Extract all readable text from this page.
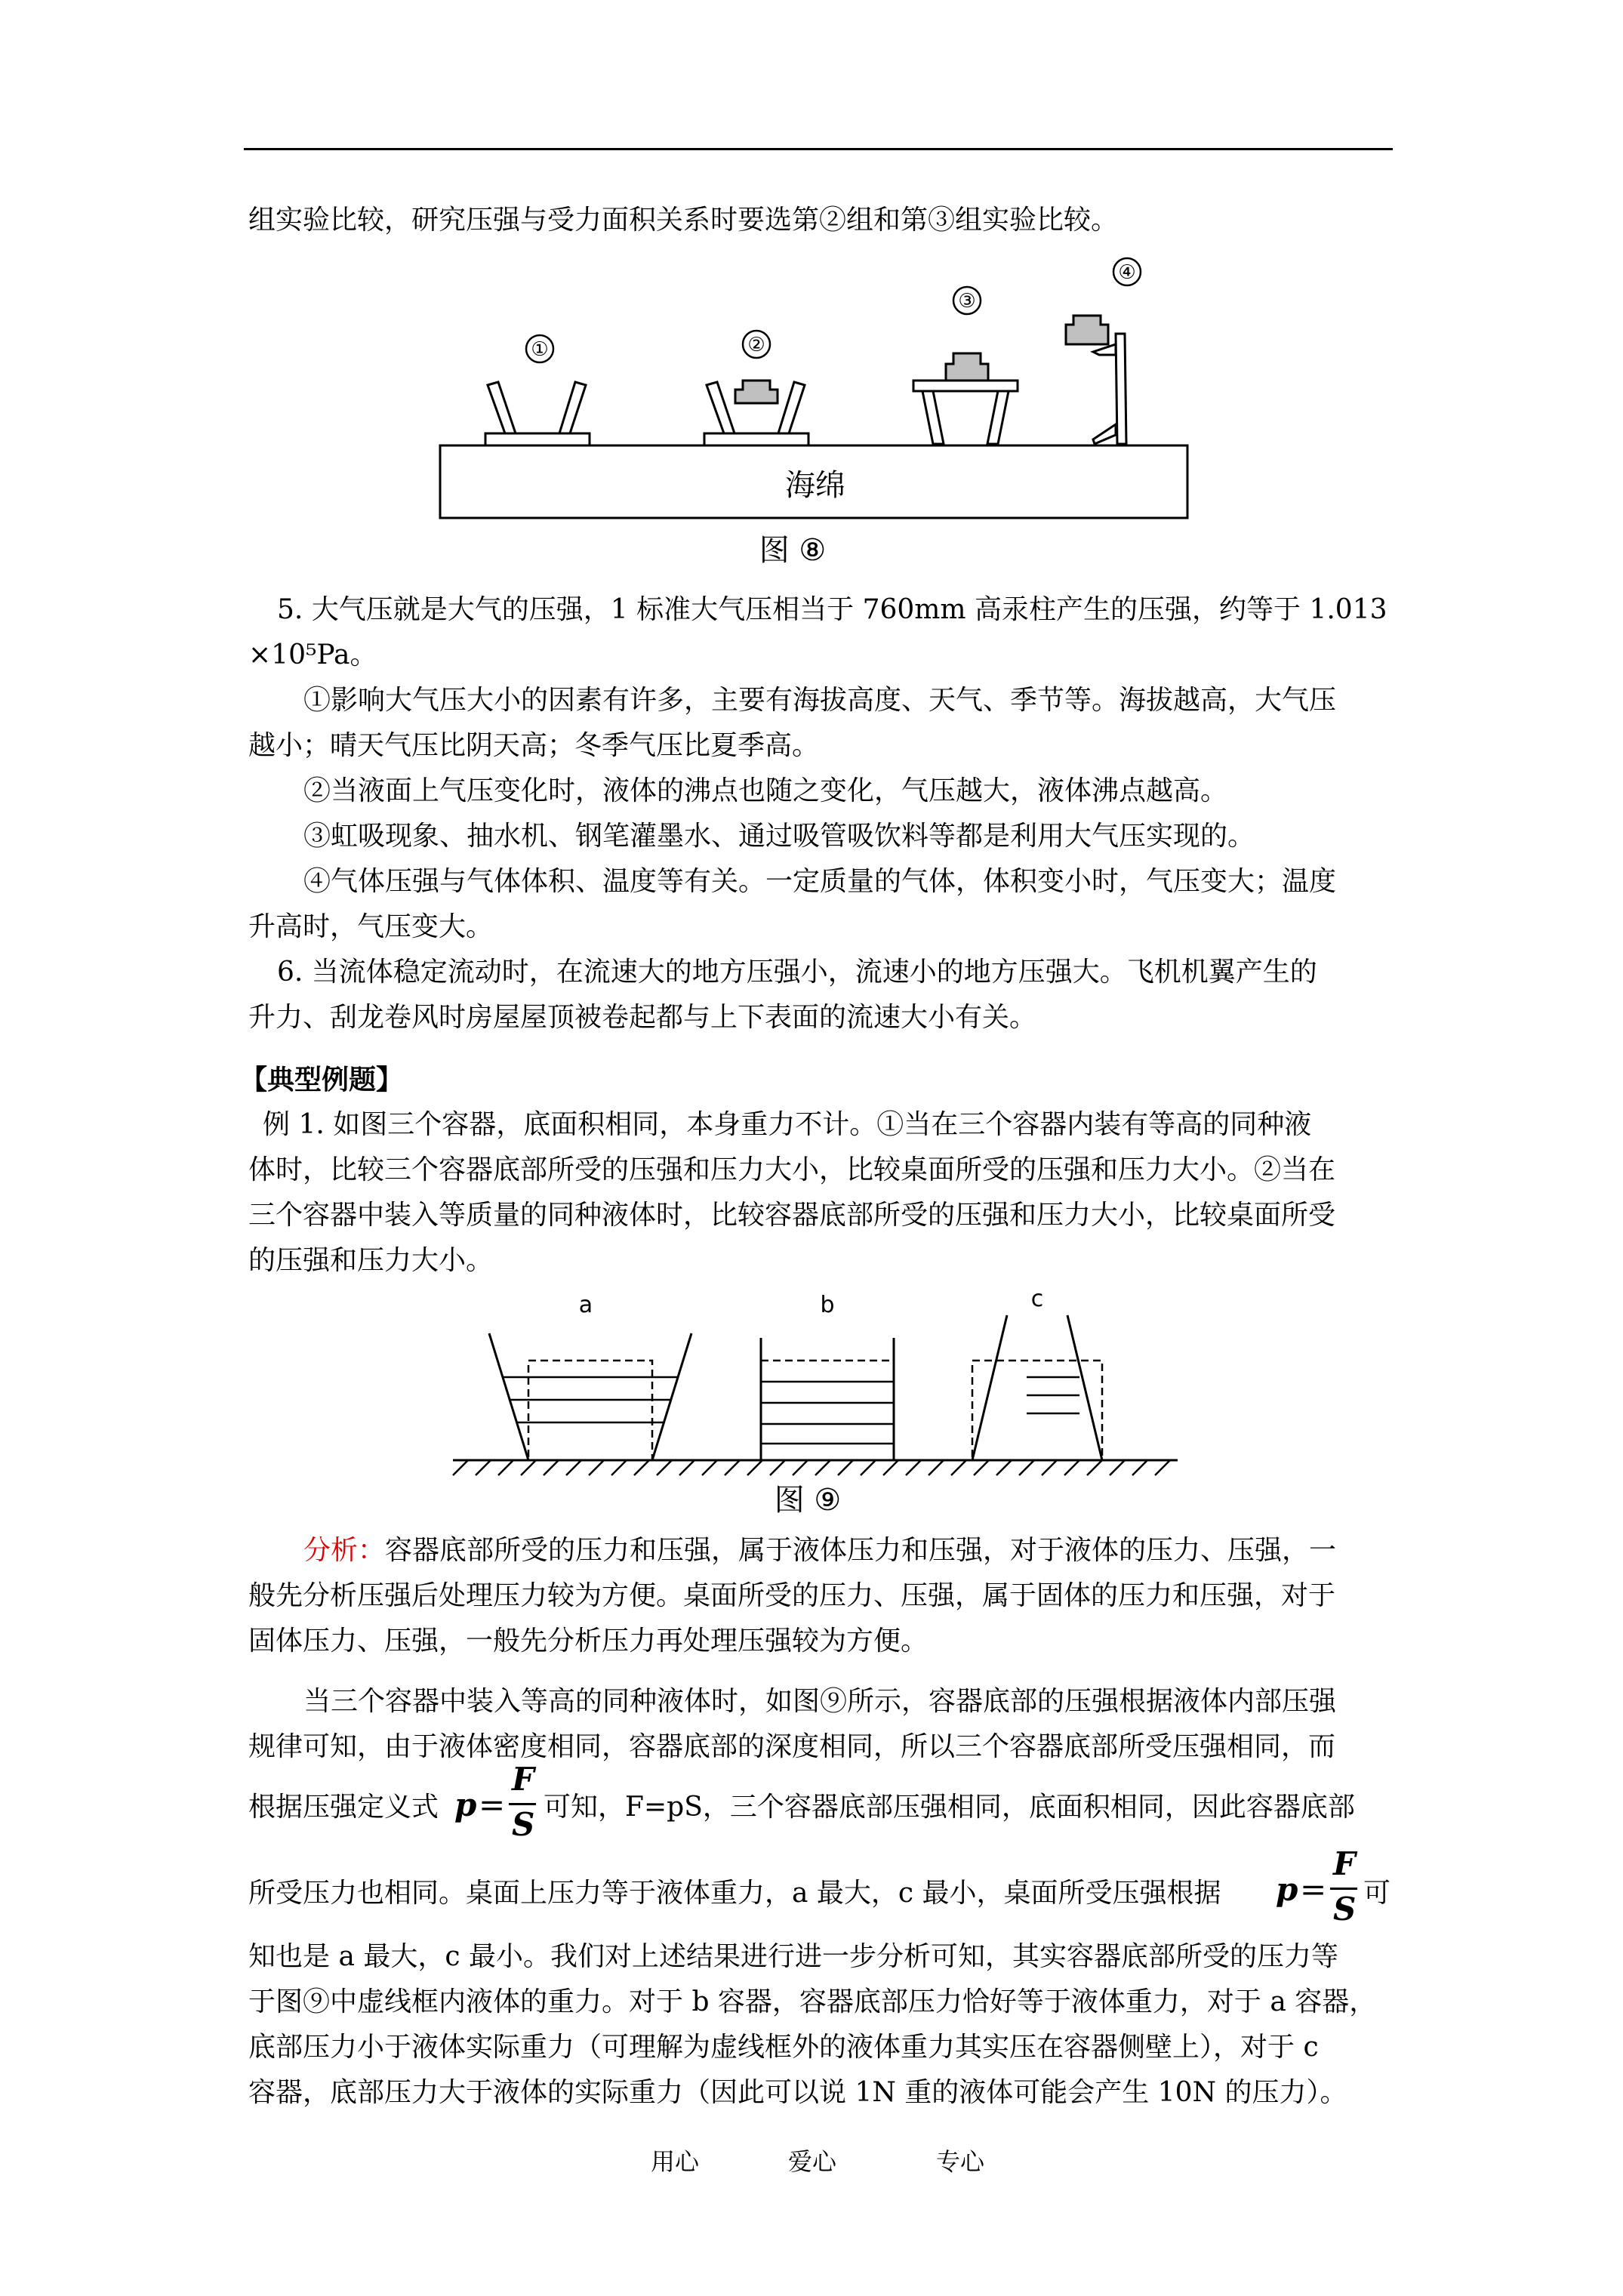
组实验比较，研究压强与受力面积关系时要选第②组和第③组实验比较。

①	②
③
④
海绵
图 ⑧

5. 大气压就是大气的压强，1 标准大气压相当于 760mm 高汞柱产生的压强，约等于 1.013

×10⁵Pa。

①影响大气压大小的因素有许多，主要有海拔高度、天气、季节等。海拔越高，大气压

越小；晴天气压比阴天高；冬季气压比夏季高。

②当液面上气压变化时，液体的沸点也随之变化，气压越大，液体沸点越高。

③虹吸现象、抽水机、钢笔灌墨水、通过吸管吸饮料等都是利用大气压实现的。

④气体压强与气体体积、温度等有关。一定质量的气体，体积变小时，气压变大；温度

升高时，气压变大。

6. 当流体稳定流动时，在流速大的地方压强小，流速小的地方压强大。飞机机翼产生的

升力、刮龙卷风时房屋屋顶被卷起都与上下表面的流速大小有关。

【典型例题】

例 1. 如图三个容器，底面积相同，本身重力不计。①当在三个容器内装有等高的同种液

体时，比较三个容器底部所受的压强和压力大小，比较桌面所受的压强和压力大小。②当在

三个容器中装入等质量的同种液体时，比较容器底部所受的压强和压力大小，比较桌面所受

的压强和压力大小。

a	b	c
图 ⑨

分析：容器底部所受的压力和压强，属于液体压力和压强，对于液体的压力、压强，一

般先分析压强后处理压力较为方便。桌面所受的压力、压强，属于固体的压力和压强，对于

固体压力、压强，一般先分析压力再处理压强较为方便。

当三个容器中装入等高的同种液体时，如图⑨所示，容器底部的压强根据液体内部压强

规律可知，由于液体密度相同，容器底部的深度相同，所以三个容器底部所受压强相同，而

根据压强定义式 p =
F
S 可知，F=pS，三个容器底部压强相同，底面积相同，因此容器底部

所受压力也相同。桌面上压力等于液体重力，a 最大，c 最小，桌面所受压强根据	p =
F
S 可

知也是 a 最大，c 最小。我们对上述结果进行进一步分析可知，其实容器底部所受的压力等

于图⑨中虚线框内液体的重力。对于 b 容器，容器底部压力恰好等于液体重力，对于 a 容器，

底部压力小于液体实际重力（可理解为虚线框外的液体重力其实压在容器侧壁上），对于 c

容器，底部压力大于液体的实际重力（因此可以说 1N 重的液体可能会产生 10N 的压力）。

用心	爱心	专心
